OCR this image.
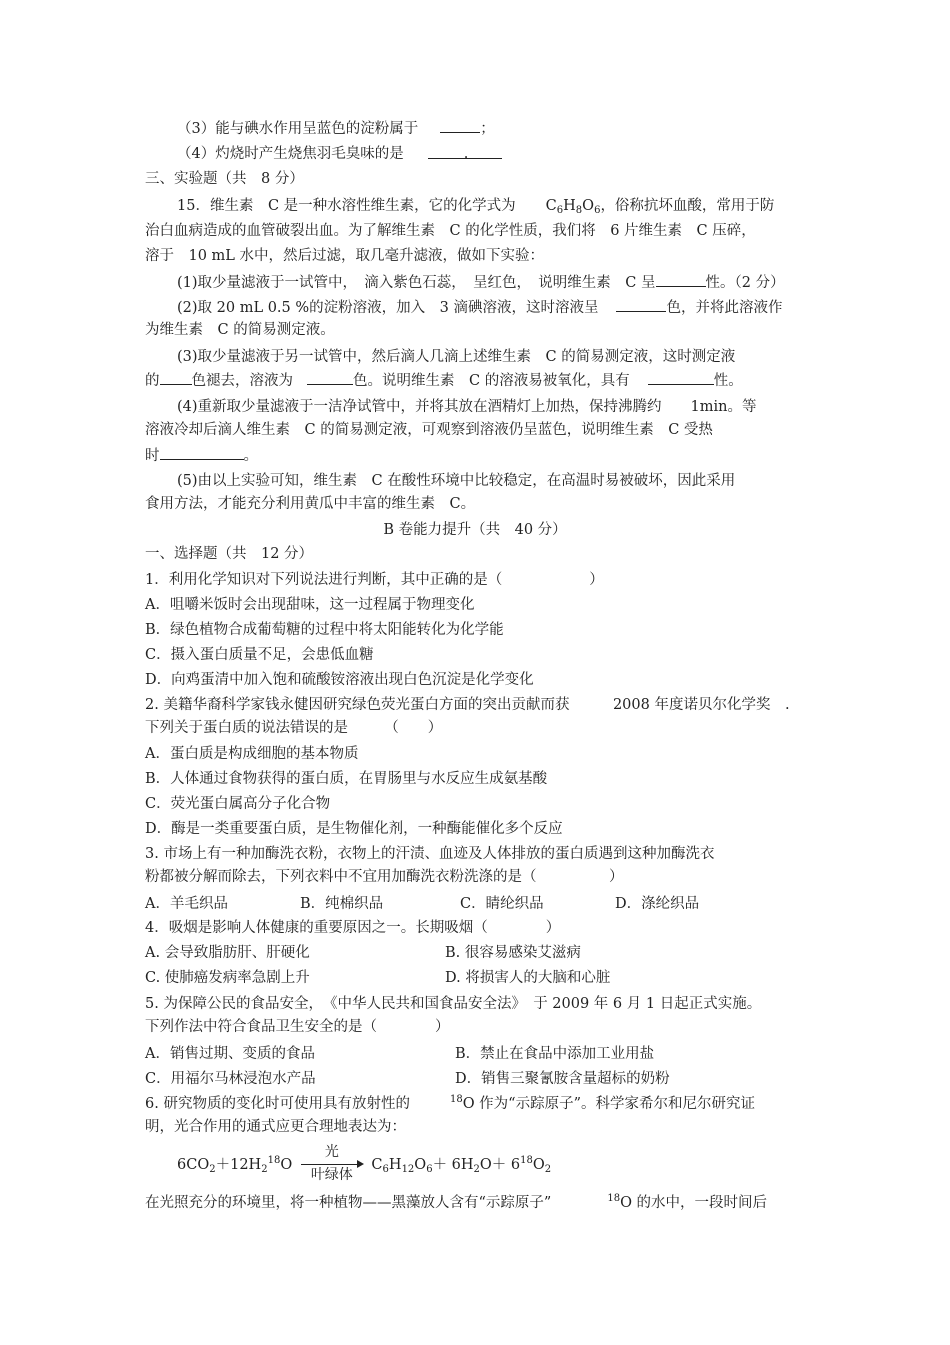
（3）能与碘水作用呈蓝色的淀粉属于	；
（4）灼烧时产生烧焦羽毛臭味的是	.
三、实验题（共　8 分）
15．维生素　C 是一种水溶性维生素，它的化学式为 $C_6H_8O_6$，俗称抗坏血酸，常用于防
治白血病造成的血管破裂出血。为了解维生素　C 的化学性质，我们将　6 片维生素　C 压碎，
溶于　10 mL 水中，然后过滤，取几毫升滤液，做如下实验：
(1)取少量滤液于一试管中，　滴入紫色石蕊，　呈红色，　说明维生素　C 呈	性。（2 分）
(2)取 20 mL 0.5 %的淀粉溶液，加入　3 滴碘溶液，这时溶液呈	色，并将此溶液作
为维生素　C 的简易测定液。
(3)取少量滤液于另一试管中，然后滴人几滴上述维生素　C 的简易测定液，这时测定液
的 色褪去，溶液为	色。说明维生素　C 的溶液易被氧化，具有	性。
(4)重新取少量滤液于一洁净试管中，并将其放在酒精灯上加热，保持沸腾约　　1min。等
溶液冷却后滴人维生素　C 的简易测定液，可观察到溶液仍呈蓝色，说明维生素　C 受热
时	。
(5)由以上实验可知，维生素　C 在酸性环境中比较稳定，在高温时易被破坏，因此采用
食用方法，才能充分利用黄瓜中丰富的维生素　C。
B 卷能力提升（共　40 分）
一、选择题（共　12 分）
1．利用化学知识对下列说法进行判断，其中正确的是（　　　　　　）
A．咀嚼米饭时会出现甜味，这一过程属于物理变化
B．绿色植物合成葡萄糖的过程中将太阳能转化为化学能
C．摄入蛋白质量不足，会患低血糖
D．向鸡蛋清中加入饱和硫酸铵溶液出现白色沉淀是化学变化
2. 美籍华裔科学家钱永健因研究绿色荧光蛋白方面的突出贡献而获　　　2008 年度诺贝尔化学奖　.
下列关于蛋白质的说法错误的是　　　（　　）
A．蛋白质是构成细胞的基本物质
B．人体通过食物获得的蛋白质，在胃肠里与水反应生成氨基酸
C．荧光蛋白属高分子化合物
D．酶是一类重要蛋白质，是生物催化剂，一种酶能催化多个反应
3. 市场上有一种加酶洗衣粉，衣物上的汗渍、血迹及人体排放的蛋白质遇到这种加酶洗衣
粉都被分解而除去，下列衣料中不宜用加酶洗衣粉洗涤的是（　　　　　）
A．羊毛织品	B．纯棉织品	C．睛纶织品	D．涤纶织品
4．吸烟是影响人体健康的重要原因之一。长期吸烟（　　　　）
A. 会导致脂肪肝、肝硬化	B. 很容易感染艾滋病
C. 使肺癌发病率急剧上升	D. 将损害人的大脑和心脏
5. 为保障公民的食品安全，　《中华人民共和国食品安全法》　于 2009 年 6 月 1 日起正式实施。
下列作法中符合食品卫生安全的是（　　　　）
A．销售过期、变质的食品	B．禁止在食品中添加工业用盐
C．用福尔马林浸泡水产品	D．销售三聚氰胺含量超标的奶粉
6. 研究物质的变化时可使用具有放射性的	$^{18}$O 作为“示踪原子”。科学家希尔和尼尔研究证
明，光合作用的通式应更合理地表达为：
$6CO_2+12H_2^{18}O$
光
叶绿体
$C_6H_{12}O_6+ 6H_2O+ 6^{18}O_2$
在光照充分的环境里，将一种植物——黑藻放人含有“示踪原子”	$^{18}$O 的水中，一段时间后
